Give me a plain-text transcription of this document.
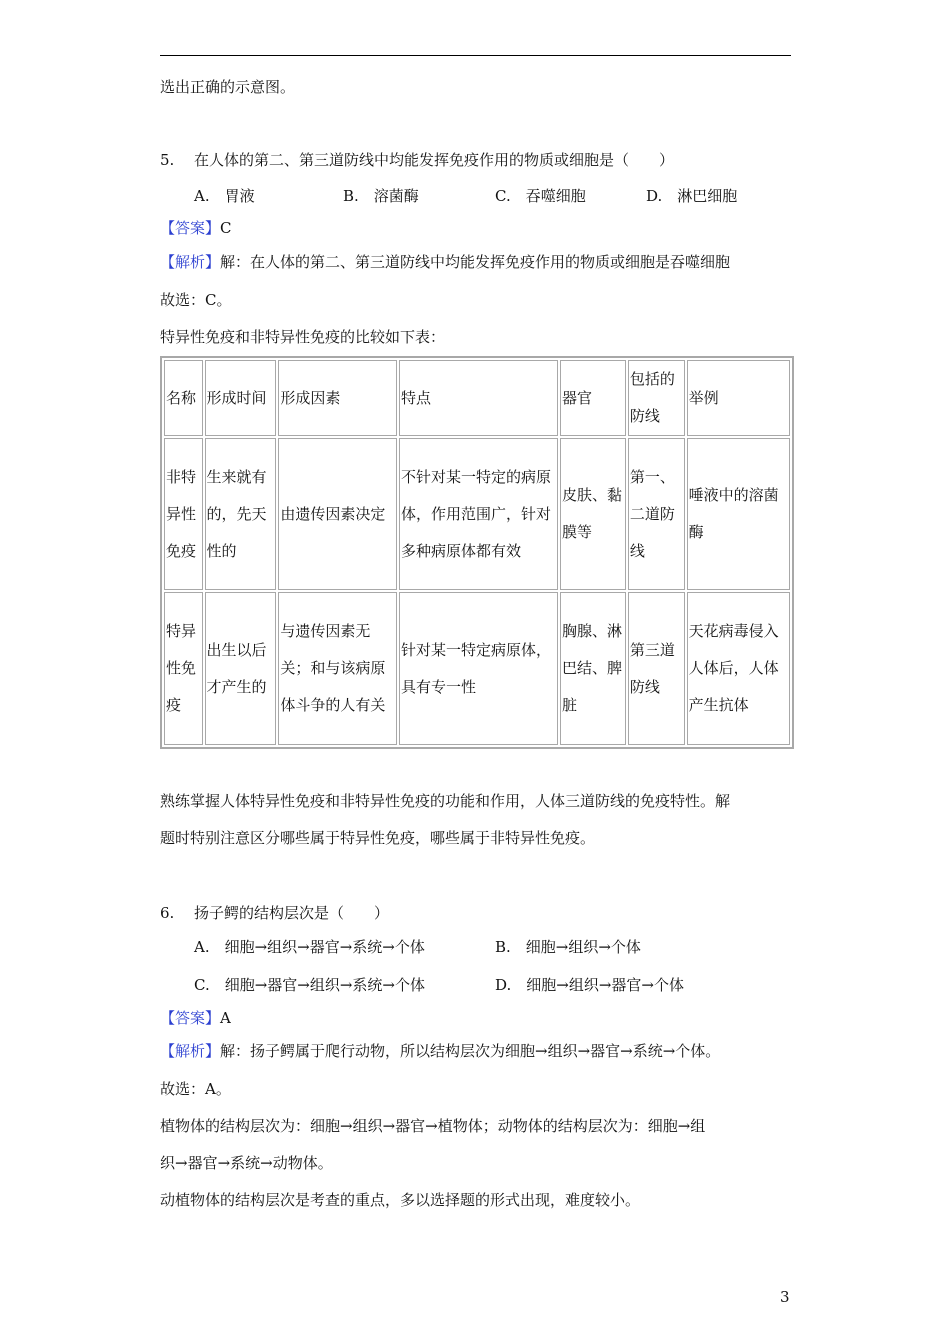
选出正确的示意图。
5. 在人体的第二、第三道防线中均能发挥免疫作用的物质或细胞是（　　）
A.　胃液	B.　溶菌酶	C.　吞噬细胞	D.　淋巴细胞
【答案】C
【解析】解：在人体的第二、第三道防线中均能发挥免疫作用的物质或细胞是吞噬细胞
故选：C。
特异性免疫和非特异性免疫的比较如下表：
名称	形成时间	形成因素	特点	器官	包括的防线	举例
非特异性免疫	生来就有的，先天性的	由遗传因素决定	不针对某一特定的病原体，作用范围广，针对多种病原体都有效	皮肤、黏膜等	第一、二道防线	唾液中的溶菌酶
特异性免疫	出生以后才产生的	与遗传因素无关；和与该病原体斗争的人有关	针对某一特定病原体，具有专一性	胸腺、淋巴结、脾脏	第三道防线	天花病毒侵入人体后，人体产生抗体
熟练掌握人体特异性免疫和非特异性免疫的功能和作用，人体三道防线的免疫特性。解
题时特别注意区分哪些属于特异性免疫，哪些属于非特异性免疫。
6. 扬子鳄的结构层次是（　　）
A.　细胞→组织→器官→系统→个体	B.　细胞→组织→个体
C.　细胞→器官→组织→系统→个体	D.　细胞→组织→器官→个体
【答案】A
【解析】解：扬子鳄属于爬行动物，所以结构层次为细胞→组织→器官→系统→个体。
故选：A。
植物体的结构层次为：细胞→组织→器官→植物体；动物体的结构层次为：细胞→组
织→器官→系统→动物体。
动植物体的结构层次是考查的重点，多以选择题的形式出现，难度较小。
3
